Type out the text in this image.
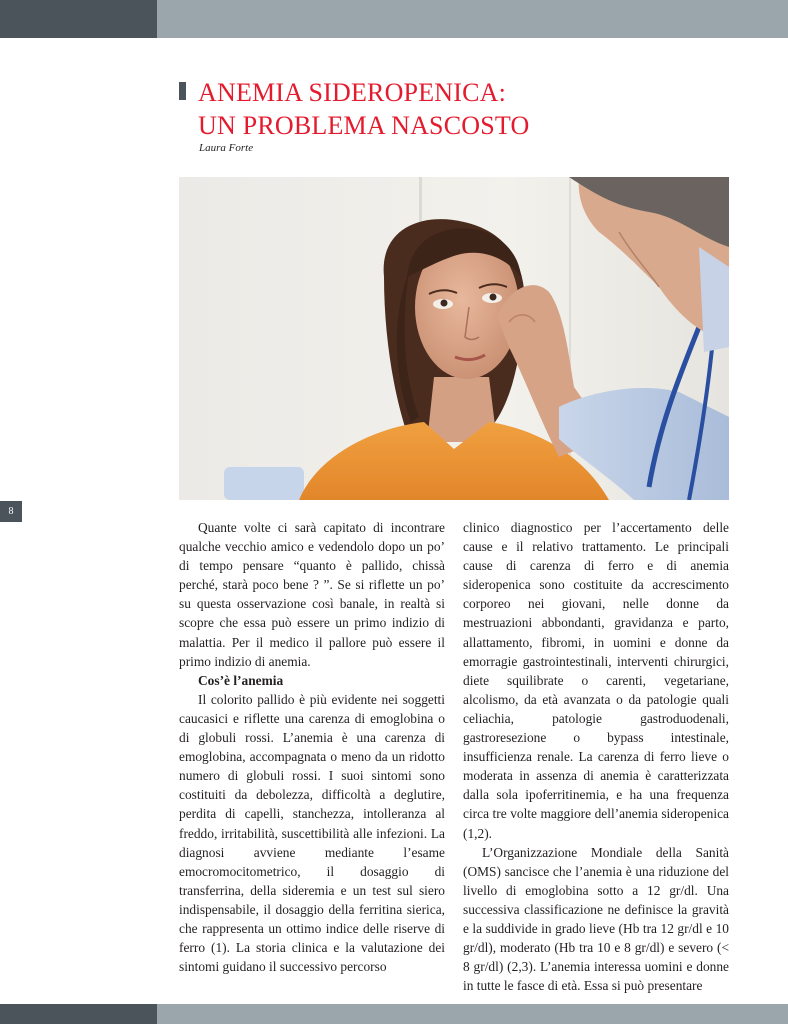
8
ANEMIA SIDEROPENICA:
UN PROBLEMA NASCOSTO
Laura Forte

Quante volte ci sarà capitato di incontrare qualche vecchio amico e vedendolo dopo un po’ di tempo pensare “quanto è pallido, chissà perché, starà poco bene ? ”. Se si riflette un po’ su questa osservazione così banale, in realtà si scopre che essa può essere un primo indizio di malattia. Per il medico il pallore può essere il primo indizio di anemia.

Cos’è l’anemia

Il colorito pallido è più evidente nei soggetti caucasici e riflette una carenza di emoglobina o di globuli rossi. L’anemia è una carenza di emoglobina, accompagnata o meno da un ridotto numero di globuli rossi. I suoi sintomi sono costituiti da debolezza, difficoltà a deglutire, perdita di capelli, stanchezza, intolleranza al freddo, irritabilità, suscettibilità alle infezioni. La diagnosi avviene mediante l’esame emocromocitometrico, il dosaggio di transferrina, della sideremia e un test sul siero indispensabile, il dosaggio della ferritina sierica, che rappresenta un ottimo indice delle riserve di ferro (1). La storia clinica e la valutazione dei sintomi guidano il successivo percorso

clinico diagnostico per l’accertamento delle cause e il relativo trattamento. Le principali cause di carenza di ferro e di anemia sideropenica sono costituite da accrescimento corporeo nei giovani, nelle donne da mestruazioni abbondanti, gravidanza e parto, allattamento, fibromi, in uomini e donne da emorragie gastrointestinali, interventi chirurgici, diete squilibrate o carenti, vegetariane, alcolismo, da età avanzata o da patologie quali celiachia, patologie gastroduodenali, gastroresezione o bypass intestinale, insufficienza renale. La carenza di ferro lieve o moderata in assenza di anemia è caratterizzata dalla sola ipoferritinemia, e ha una frequenza circa tre volte maggiore dell’anemia sideropenica (1,2).

L’Organizzazione Mondiale della Sanità (OMS) sancisce che l’anemia è una riduzione del livello di emoglobina sotto a 12 gr/dl. Una successiva classificazione ne definisce la gravità e la suddivide in grado lieve (Hb tra 12 gr/dl e 10 gr/dl), moderato (Hb tra 10 e 8 gr/dl) e severo (< 8 gr/dl) (2,3). L’anemia interessa uomini e donne in tutte le fasce di età. Essa si può presentare
